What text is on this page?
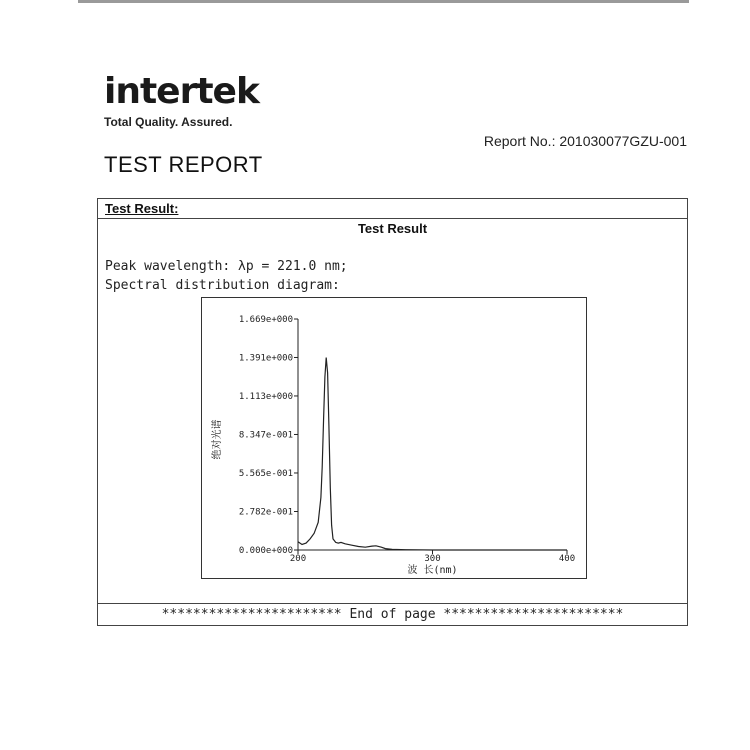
intertek
Total Quality. Assured.
Report No.: 201030077GZU-001
TEST REPORT
Test Result:
Test Result
Peak wavelength: λp = 221.0 nm;
Spectral distribution diagram:
0.000e+000
2.782e-001
5.565e-001
8.347e-001
1.113e+000
1.391e+000
1.669e+000
200	300	400
波 长(nm)
绝对光谱
*********************** End of page ***********************
